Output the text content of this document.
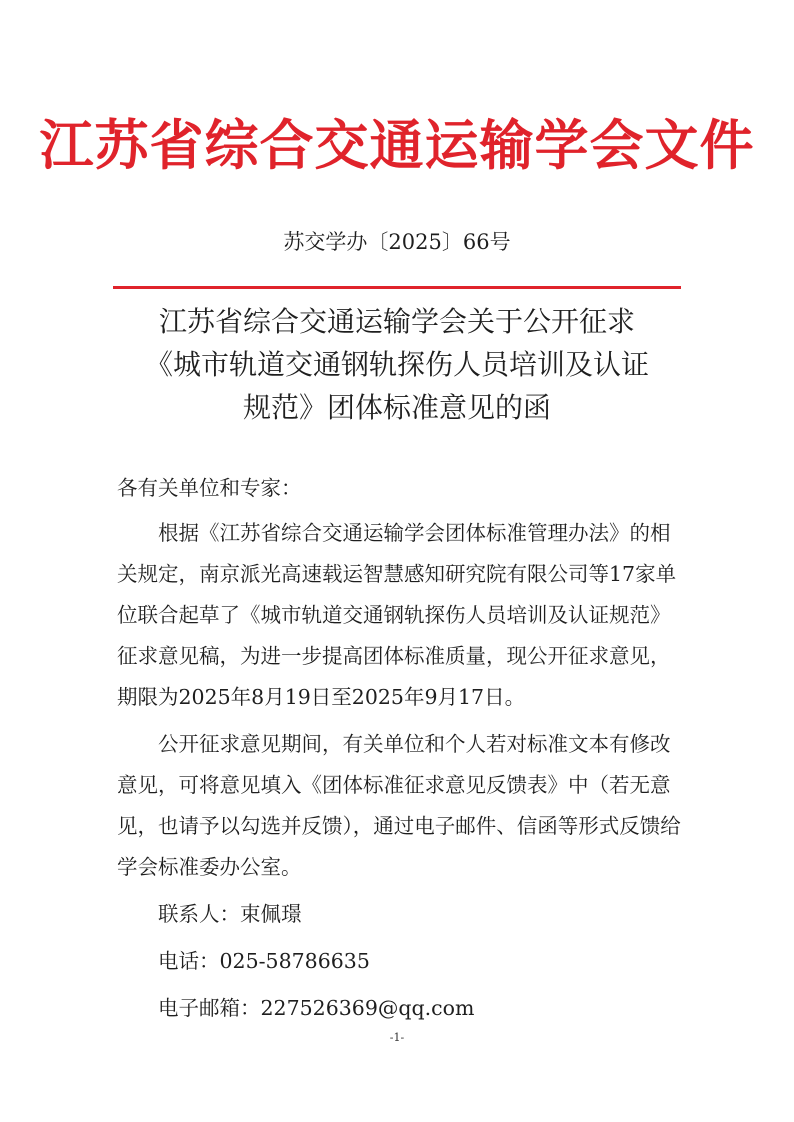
江苏省综合交通运输学会文件
苏交学办〔2025〕66号
江苏省综合交通运输学会关于公开征求
《城市轨道交通钢轨探伤人员培训及认证
规范》团体标准意见的函

各有关单位和专家：

根据《江苏省综合交通运输学会团体标准管理办法》的相关规定，南京派光高速载运智慧感知研究院有限公司等17家单位联合起草了《城市轨道交通钢轨探伤人员培训及认证规范》征求意见稿，为进一步提高团体标准质量，现公开征求意见，期限为2025年8月19日至2025年9月17日。

公开征求意见期间，有关单位和个人若对标准文本有修改意见，可将意见填入《团体标准征求意见反馈表》中（若无意见，也请予以勾选并反馈），通过电子邮件、信函等形式反馈给学会标准委办公室。

联系人：束佩璟

电话：025-58786635

电子邮箱：227526369@qq.com

-1-
